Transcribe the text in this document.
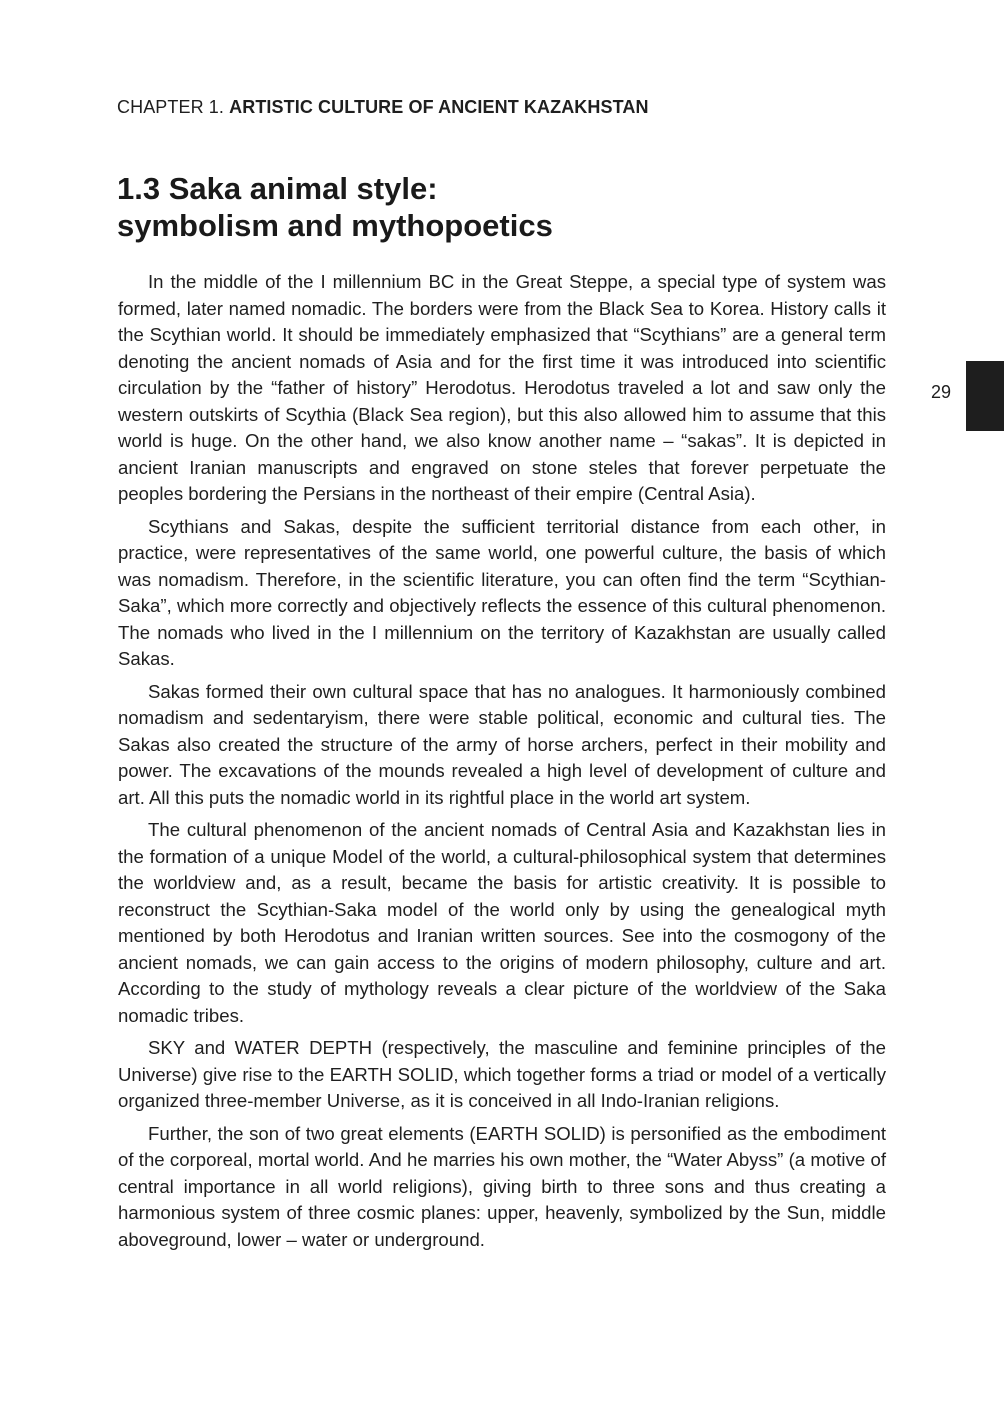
CHAPTER 1. ARTISTIC CULTURE OF ANCIENT KAZAKHSTAN
1.3 Saka animal style:
symbolism and mythopoetics

In the middle of the I millennium BC in the Great Steppe, a special type of system was formed, later named nomadic. The borders were from the Black Sea to Korea. History calls it the Scythian world. It should be immediately emphasized that “Scythians” are a general term denoting the ancient nomads of Asia and for the first time it was introduced into scientific circulation by the “father of history” Herodotus. Herodotus traveled a lot and saw only the western outskirts of Scythia (Black Sea region), but this also allowed him to assume that this world is huge. On the other hand, we also know another name – “sakas”. It is depicted in ancient Iranian manuscripts and engraved on stone steles that forever perpetuate the peoples bordering the Persians in the northeast of their empire (Central Asia).

Scythians and Sakas, despite the sufficient territorial distance from each other, in practice, were representatives of the same world, one powerful culture, the basis of which was nomadism. Therefore, in the scientific literature, you can often find the term “Scythian-Saka”, which more correctly and objectively reflects the essence of this cultural phenomenon. The nomads who lived in the I millennium on the territory of Kazakhstan are usually called Sakas.

Sakas formed their own cultural space that has no analogues. It harmoniously combined nomadism and sedentaryism, there were stable political, economic and cultural ties. The Sakas also created the structure of the army of horse archers, perfect in their mobility and power. The excavations of the mounds revealed a high level of development of culture and art. All this puts the nomadic world in its rightful place in the world art system.

The cultural phenomenon of the ancient nomads of Central Asia and Kazakhstan lies in the formation of a unique Model of the world, a cultural-philosophical system that determines the worldview and, as a result, became the basis for artistic creativity. It is possible to reconstruct the Scythian-Saka model of the world only by using the genealogical myth mentioned by both Herodotus and Iranian written sources. See into the cosmogony of the ancient nomads, we can gain access to the origins of modern philosophy, culture and art. According to the study of mythology reveals a clear picture of the worldview of the Saka nomadic tribes.

SKY and WATER DEPTH (respectively, the masculine and feminine principles of the Universe) give rise to the EARTH SOLID, which together forms a triad or model of a vertically organized three-member Universe, as it is conceived in all Indo-Iranian religions.

Further, the son of two great elements (EARTH SOLID) is personified as the embodiment of the corporeal, mortal world. And he marries his own mother, the “Water Abyss” (a motive of central importance in all world religions), giving birth to three sons and thus creating a harmonious system of three cosmic planes: upper, heavenly, symbolized by the Sun, middle aboveground, lower – water or underground.

29
